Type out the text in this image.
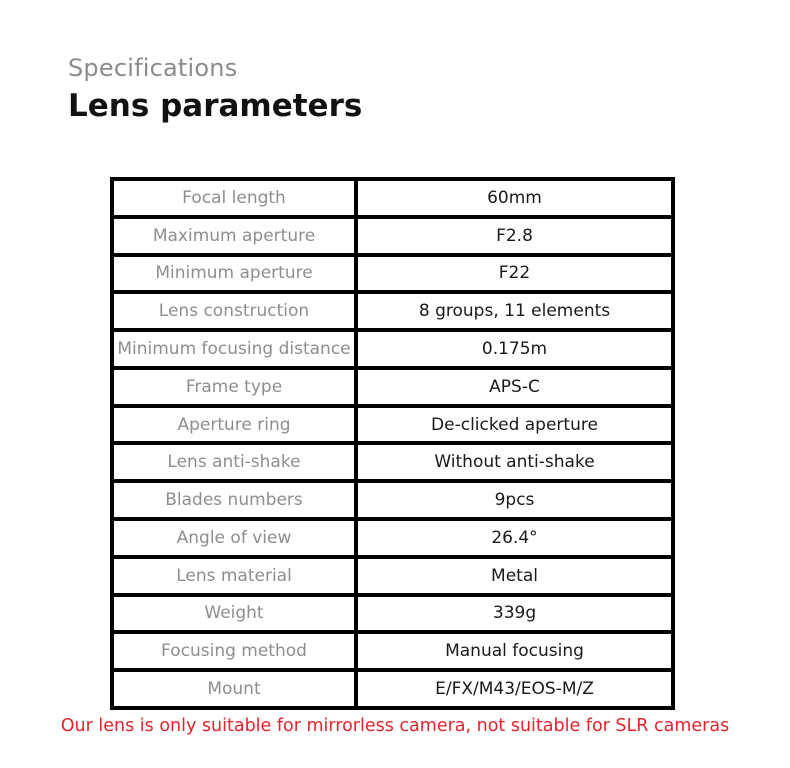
Specifications
Lens parameters
Focal length	60mm
Maximum aperture	F2.8
Minimum aperture	F22
Lens construction	8 groups, 11 elements
Minimum focusing distance	0.175m
Frame type	APS-C
Aperture ring	De-clicked aperture
Lens anti-shake	Without anti-shake
Blades numbers	9pcs
Angle of view	26.4°
Lens material	Metal
Weight	339g
Focusing method	Manual focusing
Mount	E/FX/M43/EOS-M/Z
Our lens is only suitable for mirrorless camera, not suitable for SLR cameras
